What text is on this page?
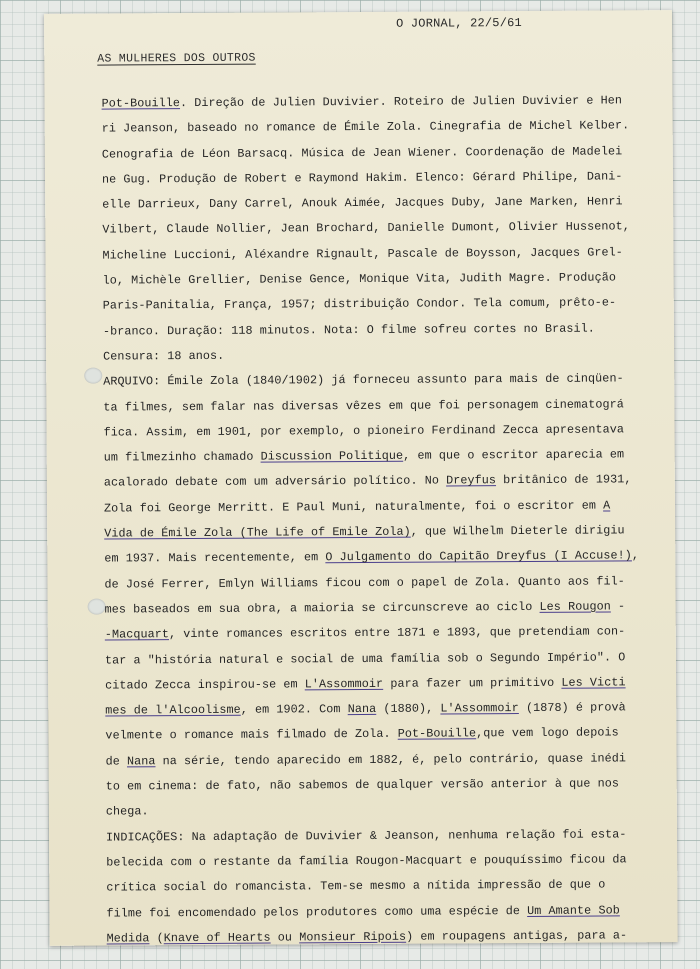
O JORNAL, 22/5/61
AS MULHERES DOS OUTROS
Pot-Bouille. Direção de Julien Duvivier. Roteiro de Julien Duvivier e Hen
ri Jeanson, baseado no romance de Émile Zola. Cinegrafia de Michel Kelber.
Cenografia de Léon Barsacq. Música de Jean Wiener. Coordenação de Madelei
ne Gug. Produção de Robert e Raymond Hakim. Elenco: Gérard Philipe, Dani-
elle Darrieux, Dany Carrel, Anouk Aimée, Jacques Duby, Jane Marken, Henri
Vilbert, Claude Nollier, Jean Brochard, Danielle Dumont, Olivier Hussenot,
Micheline Luccioni, Aléxandre Rignault, Pascale de Boysson, Jacques Grel-
lo, Michèle Grellier, Denise Gence, Monique Vita, Judith Magre. Produção
Paris-Panitalia, França, 1957; distribuição Condor. Tela comum, prêto-e-
-branco. Duração: 118 minutos. Nota: O filme sofreu cortes no Brasil.
Censura: 18 anos.
ARQUIVO: Émile Zola (1840/1902) já forneceu assunto para mais de cinqüen-
ta filmes, sem falar nas diversas vêzes em que foi personagem cinematográ
fica. Assim, em 1901, por exemplo, o pioneiro Ferdinand Zecca apresentava
um filmezinho chamado Discussion Politique, em que o escritor aparecia em
acalorado debate com um adversário político. No Dreyfus britânico de 1931,
Zola foi George Merritt. E Paul Muni, naturalmente, foi o escritor em A
Vida de Émile Zola (The Life of Emile Zola), que Wilhelm Dieterle dirigiu
em 1937. Mais recentemente, em O Julgamento do Capitão Dreyfus (I Accuse!),
de José Ferrer, Emlyn Williams ficou com o papel de Zola. Quanto aos fil-
mes baseados em sua obra, a maioria se circunscreve ao ciclo Les Rougon -
-Macquart, vinte romances escritos entre 1871 e 1893, que pretendiam con-
tar a "história natural e social de uma família sob o Segundo Império". O
citado Zecca inspirou-se em L'Assommoir para fazer um primitivo Les Victi
mes de l'Alcoolisme, em 1902. Com Nana (1880), L'Assommoir (1878) é provà
velmente o romance mais filmado de Zola. Pot-Bouille,que vem logo depois
de Nana na série, tendo aparecido em 1882, é, pelo contrário, quase inédi
to em cinema: de fato, não sabemos de qualquer versão anterior à que nos
chega.
INDICAÇÕES: Na adaptação de Duvivier & Jeanson, nenhuma relação foi esta-
belecida com o restante da família Rougon-Macquart e pouquíssimo ficou da
crítica social do romancista. Tem-se mesmo a nítida impressão de que o
filme foi encomendado pelos produtores como uma espécie de Um Amante Sob
Medida (Knave of Hearts ou Monsieur Ripois) em roupagens antigas, para a-
